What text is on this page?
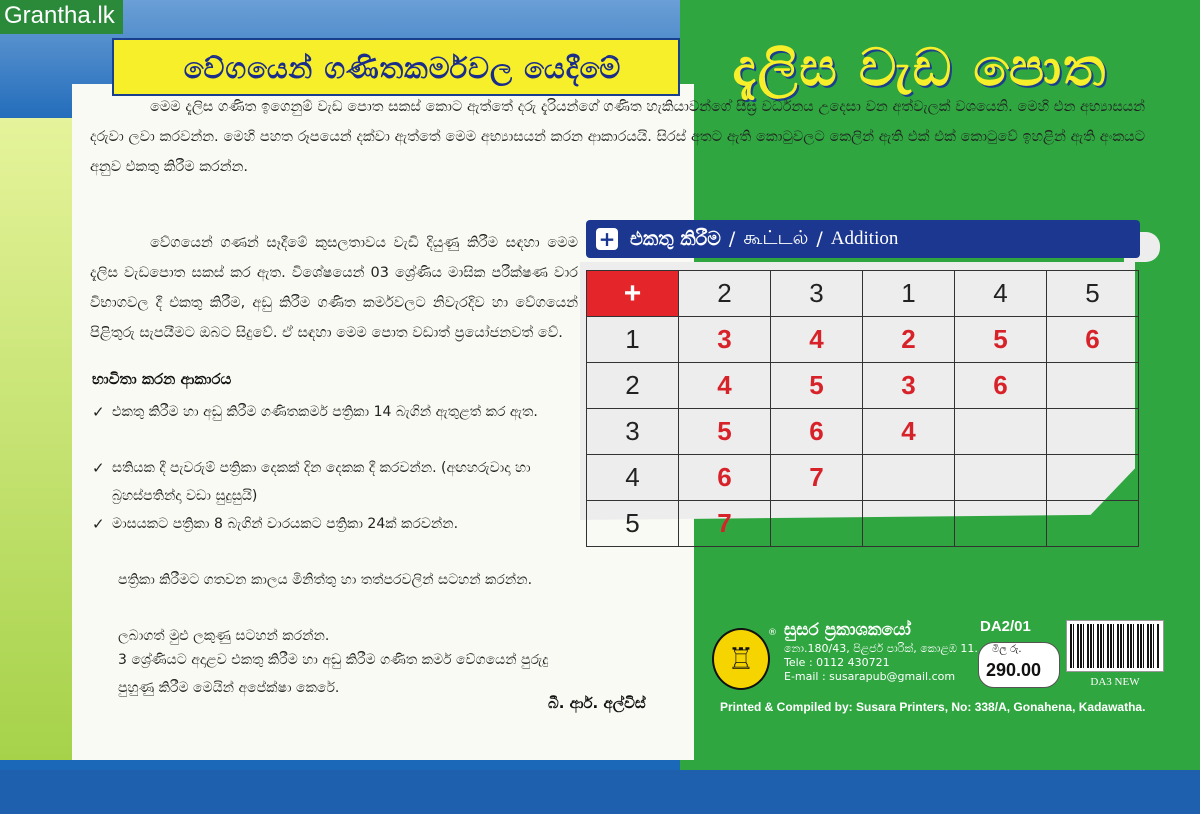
Grantha.lk
වේගයෙන් ගණිතකර්මවල යෙදීමේ	දැලිස වැඩ පොත
මෙම දැලිස ගණිත ඉගෙනුම් වැඩ පොත සකස් කොට ඇත්තේ දරු දැරියන්ගේ ගණිත හැකියාවන්ගේ සීඝ්‍ර වර්ධනය උදෙසා වන අත්වැලක් වශයෙනි. මෙහි එන අභ්‍යාසයන් දරුවා ලවා කරවන්න. මෙහි පහත රූපයෙන් දක්වා ඇත්තේ මෙම අභ්‍යාසයන් කරන ආකාරයයි. සිරස් අතට ඇති කොටුවලට කෙලින් ඇති එක් එක් කොටුවේ ඉහළින් ඇති අංකයට අනුව එකතු කිරීම කරන්න.
වේගයෙන් ගණන් සෑදීමේ කුසලතාවය වැඩි දියුණු කිරීම සඳහා මෙම දැලිස වැඩපොත සකස් කර ඇත. විශේෂයෙන් 03 ශ්‍රේණිය මාසික පරීක්ෂණ වාර විභාගවල දී එකතු කිරීම, අඩු කිරීම ගණිත කර්මවලට නිවැරදිව හා වේගයෙන් පිළිතුරු සැපයීමට ඔබට සිදුවේ. ඒ සඳහා මෙම පොත වඩාත් ප්‍රයෝජනවත් වේ.
භාවිතා කරන ආකාරය
✓ එකතු කිරීම හා අඩු කිරීම ගණිතකර්ම පත්‍රිකා 14 බැගින් ඇතුළත් කර ඇත.
✓ සතියක දී පැවරුම් පත්‍රිකා දෙකක් දින දෙකක දී කරවන්න. (අඟහරුවාදා හා බ්‍රහස්පතින්දා වඩා සුදුසුයි)
✓ මාසයකට පත්‍රිකා 8 බැගින් වාරයකට පත්‍රිකා 24ක් කරවන්න.
පත්‍රිකා කිරීමට ගතවන කාලය මිනිත්තු හා තත්පරවලින් සටහන් කරන්න.
ලබාගත් මුළු ලකුණු සටහන් කරන්න.
3 ශ්‍රේණියට අදාළව එකතු කිරීම හා අඩු කිරීම ගණිත කර්ම වේගයෙන් පුරුදු පුහුණු කිරීම මෙයින් අපේක්ෂා කෙරේ.
බී. ආර්. අල්විස්
+ එකතු කිරීම / கூட்டல் / Addition
+	2	3	1	4	5
1	3	4	2	5	6
2	4	5	3	6	
3	5	6	4		
4	6	7			
5	7				
♖
® සුසර ප්‍රකාශකයෝ
නො.180/43, පිළජර් පාරික්, කොළඹ 11.
Tele : 0112 430721
E-mail : susarapub@gmail.com
DA2/01
මිල රු.
290.00
DA3 NEW
Printed & Compiled by: Susara Printers, No: 338/A, Gonahena, Kadawatha.
